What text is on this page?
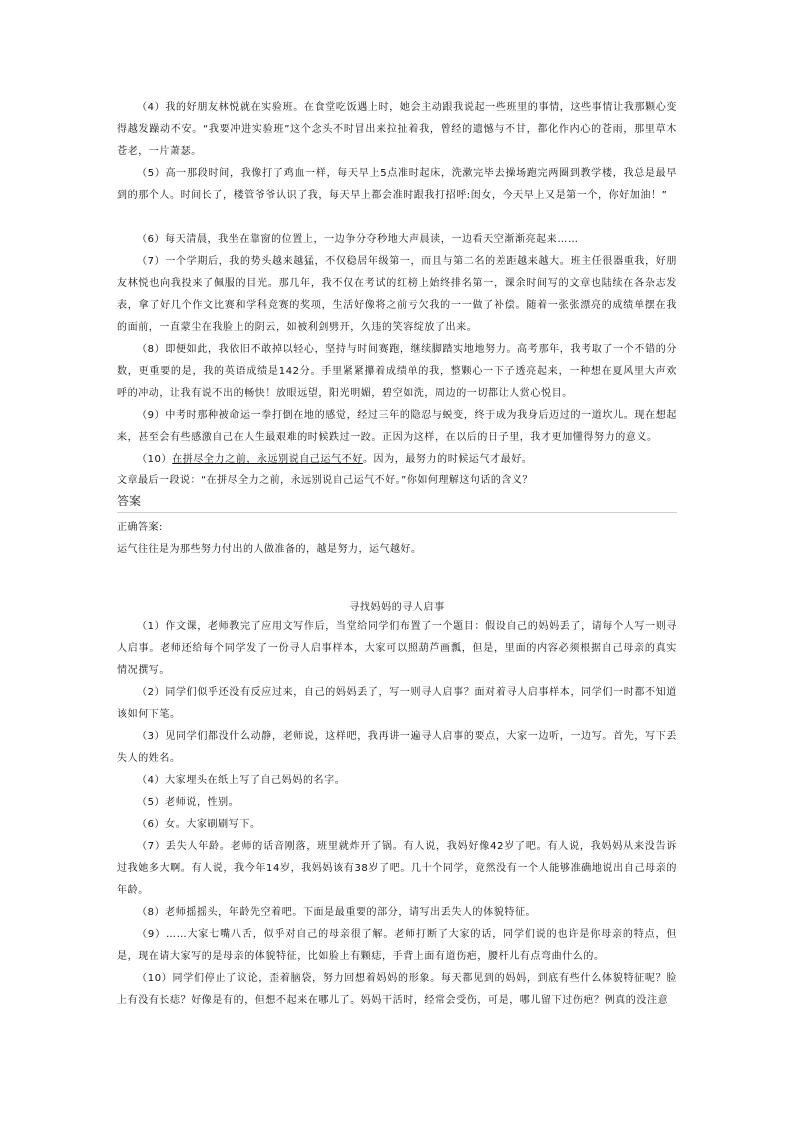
（4）我的好朋友林悦就在实验班。在食堂吃饭遇上时，她会主动跟我说起一些班里的事情，这些事情让我那颗心变得越发躁动不安。“我要冲进实验班”这个念头不时冒出来拉扯着我，曾经的遗憾与不甘，都化作内心的苍雨，那里草木苍老，一片萧瑟。

（5）高一那段时间，我像打了鸡血一样，每天早上5点准时起床，洗漱完毕去操场跑完两圈到教学楼，我总是最早到的那个人。时间长了，楼管爷爷认识了我，每天早上都会准时跟我打招呼:闺女，今天早上又是第一个，你好加油！”

（6）每天清晨，我坐在靠窗的位置上，一边争分夺秒地大声晨读，一边看天空渐渐亮起来……

（7）一个学期后，我的势头越来越猛，不仅稳居年级第一，而且与第二名的差距越来越大。班主任很器重我，好朋友林悦也向我投来了佩服的目光。那几年，我不仅在考试的红榜上始终排名第一，课余时间写的文章也陆续在各杂志发表，拿了好几个作文比赛和学科竞赛的奖项，生活好像将之前亏欠我的一一做了补偿。随着一张张漂亮的成绩单摆在我的面前，一直蒙尘在我脸上的阴云，如被利剑劈开，久违的笑容绽放了出来。

（8）即便如此，我依旧不敢掉以轻心，坚持与时间赛跑，继续脚踏实地地努力。高考那年，我考取了一个不错的分数，更重要的是，我的英语成绩是142分。手里紧紧攥着成绩单的我，整颗心一下子透亮起来，一种想在夏风里大声欢呼的冲动，让我有说不出的畅快！放眼远望，阳光明媚，碧空如洗，周边的一切都让人赏心悦目。

（9）中考时那种被命运一拳打倒在地的感觉，经过三年的隐忍与蜕变，终于成为我身后迈过的一道坎儿。现在想起来，甚至会有些感激自己在人生最艰难的时候跌过一跤。正因为这样，在以后的日子里，我才更加懂得努力的意义。

（10）在拼尽全力之前，永远别说自己运气不好。因为，最努力的时候运气才最好。

文章最后一段说：“在拼尽全力之前，永远别说自己运气不好。”你如何理解这句话的含义？

答案

正确答案:

运气往往是为那些努力付出的人做准备的，越是努力，运气越好。

寻找妈妈的寻人启事

（1）作文课，老师教完了应用文写作后，当堂给同学们布置了一个题目：假设自己的妈妈丢了，请每个人写一则寻人启事。老师还给每个同学发了一份寻人启事样本，大家可以照葫芦画瓢，但是，里面的内容必须根据自己母亲的真实情况撰写。

（2）同学们似乎还没有反应过来，自己的妈妈丢了，写一则寻人启事？面对着寻人启事样本，同学们一时都不知道该如何下笔。

（3）见同学们都没什么动静，老师说，这样吧，我再讲一遍寻人启事的要点，大家一边听，一边写。首先，写下丢失人的姓名。

（4）大家埋头在纸上写了自己妈妈的名字。

（5）老师说，性别。

（6）女。大家刷刷写下。

（7）丢失人年龄。老师的话音刚落，班里就炸开了锅。有人说，我妈好像42岁了吧。有人说，我妈妈从来没告诉过我她多大啊。有人说，我今年14岁，我妈妈该有38岁了吧。几十个同学，竟然没有一个人能够准确地说出自己母亲的年龄。

（8）老师摇摇头，年龄先空着吧。下面是最重要的部分，请写出丢失人的体貌特征。

（9）……大家七嘴八舌，似乎对自己的母亲很了解。老师打断了大家的话，同学们说的也许是你母亲的特点，但是，现在请大家写的是母亲的体貌特征，比如脸上有颗痣，手背上面有道伤疤，腰杆儿有点弯曲什么的。

（10）同学们停止了议论，歪着脑袋，努力回想着妈妈的形象。每天都见到的妈妈，到底有些什么体貌特征呢？脸上有没有长痣？好像是有的，但想不起来在哪儿了。妈妈干活时，经常会受伤，可是，哪儿留下过伤疤？例真的没注意
